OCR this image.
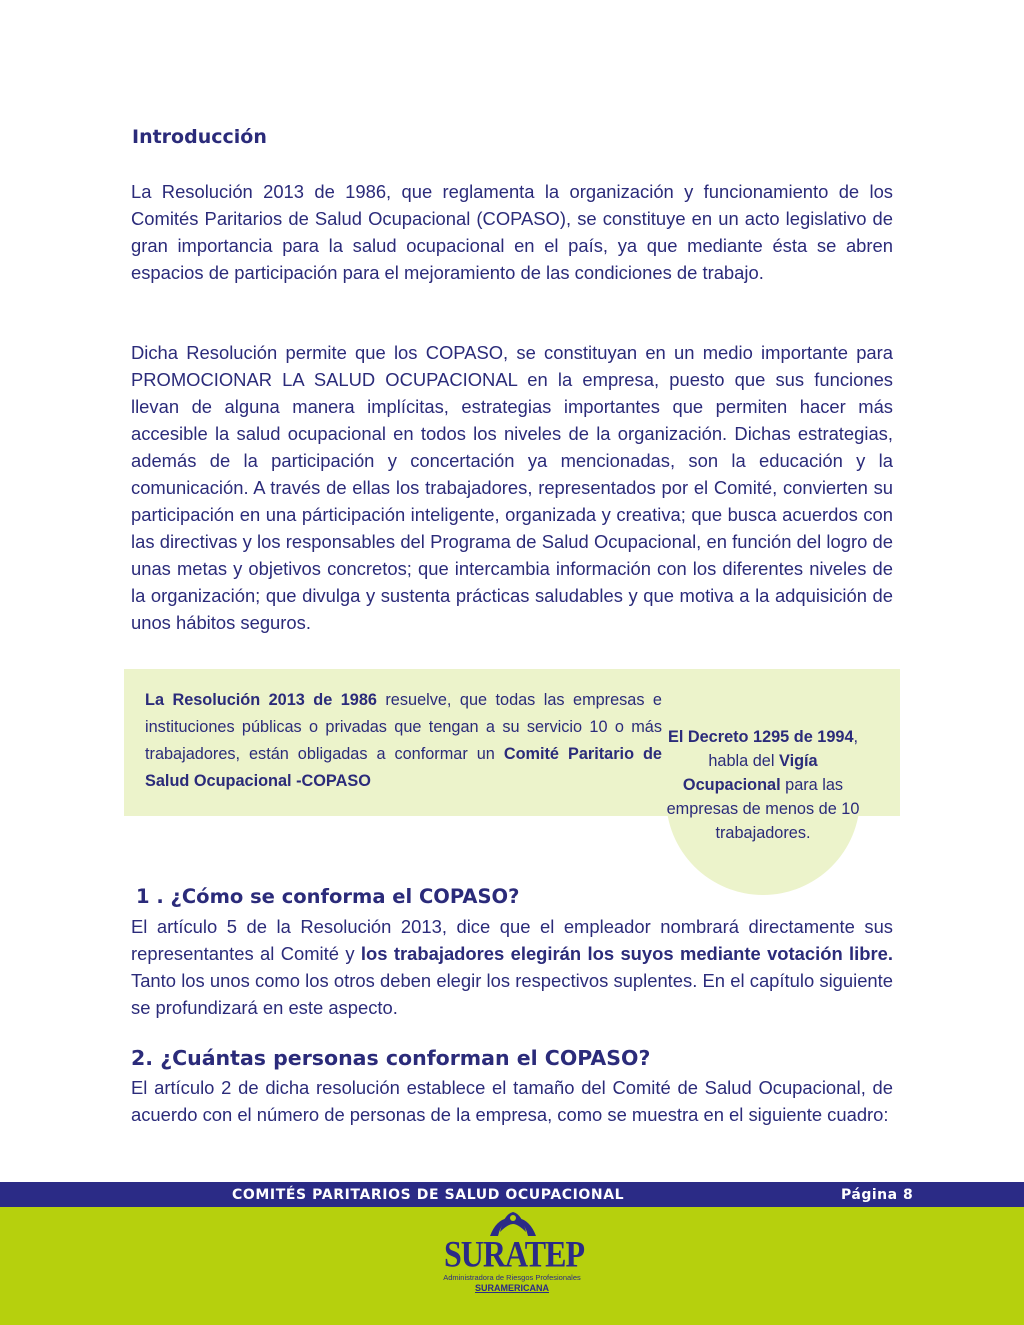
Introducción

La Resolución 2013 de 1986, que reglamenta la organización y funcionamiento de los Comités Paritarios de Salud Ocupacional (COPASO), se constituye en un acto legislativo de gran importancia para la salud ocupacional en el país, ya que mediante ésta se abren espacios de participación para el mejoramiento de las condiciones de trabajo.

Dicha Resolución permite que los COPASO, se constituyan en un medio importante para PROMOCIONAR LA SALUD OCUPACIONAL en la empresa, puesto que sus funciones llevan de alguna manera implícitas, estrategias importantes que permiten hacer más accesible la salud ocupacional en todos los niveles de la organización. Dichas estrategias, además de la participación y concertación ya mencionadas, son la educación y la comunicación. A través de ellas los trabajadores, representados por el Comité, convierten su participación en una párticipación inteligente, organizada y creativa; que busca acuerdos con las directivas y los responsables del Programa de Salud Ocupacional, en función del logro de unas metas y objetivos concretos; que intercambia información con los diferentes niveles de la organización; que divulga y sustenta prácticas saludables y que motiva a la adquisición de unos hábitos seguros.

La Resolución 2013 de 1986 resuelve, que todas las empresas e instituciones públicas o privadas que tengan a su servicio 10 o más trabajadores, están obligadas a conformar un Comité Paritario de Salud Ocupacional -COPASO

El Decreto 1295 de 1994, habla del Vigía Ocupacional para las empresas de menos de 10 trabajadores.

1 . ¿Cómo se conforma el COPASO?

El artículo 5 de la Resolución 2013, dice que el empleador nombrará directamente sus representantes al Comité y los trabajadores elegirán los suyos mediante votación libre. Tanto los unos como los otros deben elegir los respectivos suplentes. En el capítulo siguiente se profundizará en este aspecto.

2. ¿Cuántas personas conforman el COPASO?

El artículo 2 de dicha resolución establece el tamaño del Comité de Salud Ocupacional, de acuerdo con el número de personas de la empresa, como se muestra en el siguiente cuadro:

COMITÉS PARITARIOS DE SALUD OCUPACIONAL	Página 8
SURATEP
Administradora de Riesgos Profesionales
SURAMERICANA
